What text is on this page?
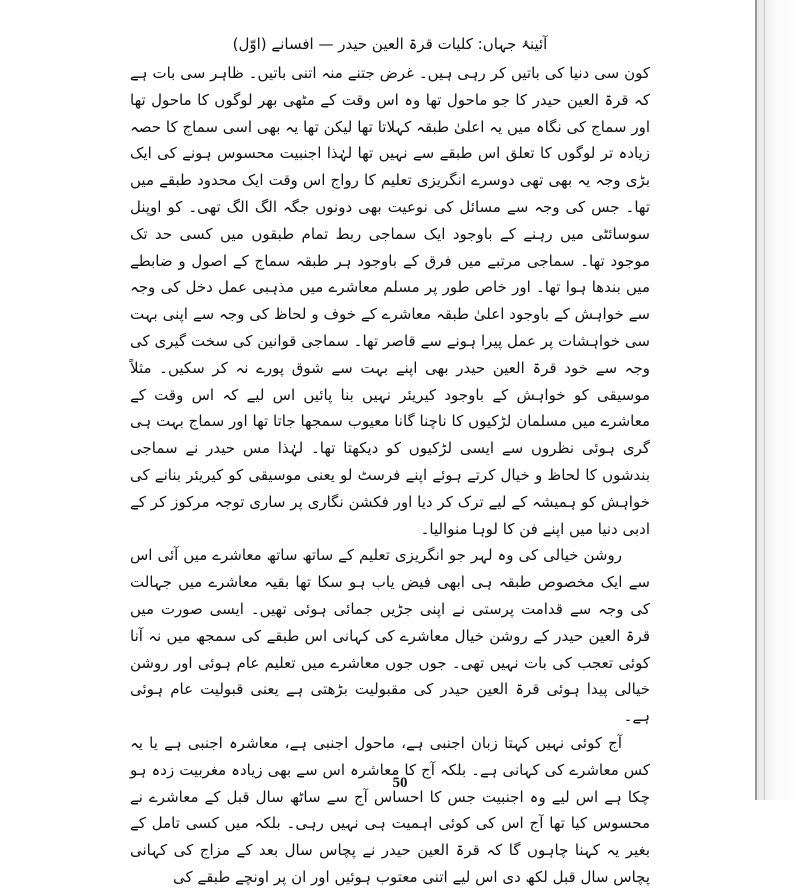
آئینۂ جہاں: کلیات قرۃ العین حیدر — افسانے (اوّل)

کون سی دنیا کی باتیں کر رہی ہیں۔ غرض جتنے منہ اتنی باتیں۔ ظاہر سی بات ہے کہ قرۃ العین حیدر کا جو ماحول تھا وہ اس وقت کے مٹھی بھر لوگوں کا ماحول تھا اور سماج کی نگاہ میں یہ اعلیٰ طبقہ کہلاتا تھا لیکن تھا یہ بھی اسی سماج کا حصہ زیادہ تر لوگوں کا تعلق اس طبقے سے نہیں تھا لہٰذا اجنبیت محسوس ہونے کی ایک بڑی وجہ یہ بھی تھی دوسرے انگریزی تعلیم کا رواج اس وقت ایک محدود طبقے میں تھا۔ جس کی وجہ سے مسائل کی نوعیت بھی دونوں جگہ الگ الگ تھی۔ کو اوپنل سوسائٹی میں رہنے کے باوجود ایک سماجی ربط تمام طبقوں میں کسی حد تک موجود تھا۔ سماجی مرتبے میں فرق کے باوجود ہر طبقہ سماج کے اصول و ضابطے میں بندھا ہوا تھا۔ اور خاص طور پر مسلم معاشرے میں مذہبی عمل دخل کی وجہ سے خواہش کے باوجود اعلیٰ طبقہ معاشرے کے خوف و لحاظ کی وجہ سے اپنی بہت سی خواہشات پر عمل پیرا ہونے سے قاصر تھا۔ سماجی قوانین کی سخت گیری کی وجہ سے خود قرۃ العین حیدر بھی اپنے بہت سے شوق پورے نہ کر سکیں۔ مثلاً موسیقی کو خواہش کے باوجود کیریئر نہیں بنا پائیں اس لیے کہ اس وقت کے معاشرے میں مسلمان لڑکیوں کا ناچنا گانا معیوب سمجھا جاتا تھا اور سماج بہت ہی گری ہوئی نظروں سے ایسی لڑکیوں کو دیکھتا تھا۔ لہٰذا مس حیدر نے سماجی بندشوں کا لحاظ و خیال کرتے ہوئے اپنے فرسٹ لو یعنی موسیقی کو کیریئر بنانے کی خواہش کو ہمیشہ کے لیے ترک کر دیا اور فکشن نگاری پر ساری توجہ مرکوز کر کے ادبی دنیا میں اپنے فن کا لوہا منوالیا۔

روشن خیالی کی وہ لہر جو انگریزی تعلیم کے ساتھ ساتھ معاشرے میں آئی اس سے ایک مخصوص طبقہ ہی ابھی فیض یاب ہو سکا تھا بقیہ معاشرے میں جہالت کی وجہ سے قدامت پرستی نے اپنی جڑیں جمائی ہوئی تھیں۔ ایسی صورت میں قرۃ العین حیدر کے روشن خیال معاشرے کی کہانی اس طبقے کی سمجھ میں نہ آنا کوئی تعجب کی بات نہیں تھی۔ جوں جوں معاشرے میں تعلیم عام ہوئی اور روشن خیالی پیدا ہوئی قرۃ العین حیدر کی مقبولیت بڑھتی ہے یعنی قبولیت عام ہوئی ہے۔

آج کوئی نہیں کہتا زبان اجنبی ہے، ماحول اجنبی ہے، معاشرہ اجنبی ہے یا یہ کس معاشرے کی کہانی ہے۔ بلکہ آج کا معاشرہ اس سے بھی زیادہ مغربیت زدہ ہو چکا ہے اس لیے وہ اجنبیت جس کا احساس آج سے ساٹھ سال قبل کے معاشرے نے محسوس کیا تھا آج اس کی کوئی اہمیت ہی نہیں رہی۔ بلکہ میں کسی تامل کے بغیر یہ کہنا چاہوں گا کہ قرۃ العین حیدر نے پچاس سال بعد کے مزاج کی کہانی پچاس سال قبل لکھ دی اس لیے اتنی معتوب ہوئیں اور ان پر اونچے طبقے کی

50
